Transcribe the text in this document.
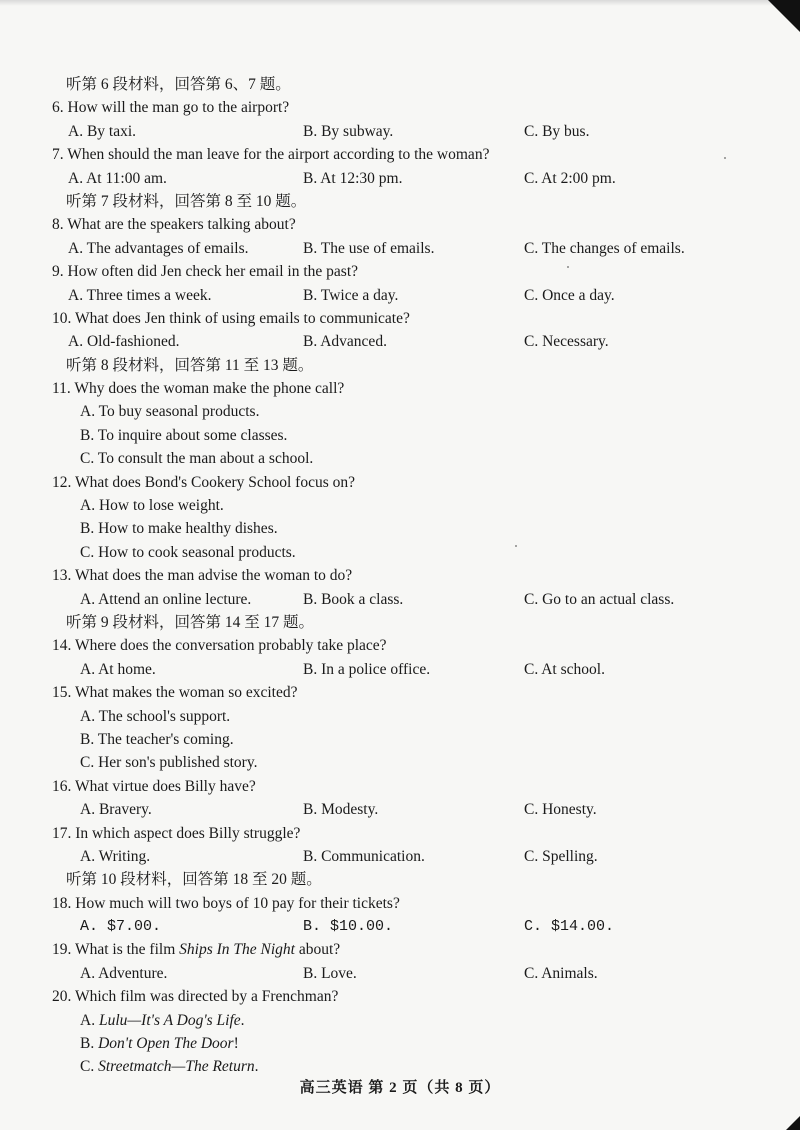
听第 6 段材料，回答第 6、7 题。
6. How will the man go to the airport?
A. By taxi.	B. By subway.	C. By bus.
7. When should the man leave for the airport according to the woman?
A. At 11:00 am.	B. At 12:30 pm.	C. At 2:00 pm.
听第 7 段材料，回答第 8 至 10 题。
8. What are the speakers talking about?
A. The advantages of emails.	B. The use of emails.	C. The changes of emails.
9. How often did Jen check her email in the past?
A. Three times a week.	B. Twice a day.	C. Once a day.
10. What does Jen think of using emails to communicate?
A. Old-fashioned.	B. Advanced.	C. Necessary.
听第 8 段材料，回答第 11 至 13 题。
11. Why does the woman make the phone call?
A. To buy seasonal products.
B. To inquire about some classes.
C. To consult the man about a school.
12. What does Bond's Cookery School focus on?
A. How to lose weight.
B. How to make healthy dishes.
C. How to cook seasonal products.
13. What does the man advise the woman to do?
A. Attend an online lecture.	B. Book a class.	C. Go to an actual class.
听第 9 段材料，回答第 14 至 17 题。
14. Where does the conversation probably take place?
A. At home.	B. In a police office.	C. At school.
15. What makes the woman so excited?
A. The school's support.
B. The teacher's coming.
C. Her son's published story.
16. What virtue does Billy have?
A. Bravery.	B. Modesty.	C. Honesty.
17. In which aspect does Billy struggle?
A. Writing.	B. Communication.	C. Spelling.
听第 10 段材料，回答第 18 至 20 题。
18. How much will two boys of 10 pay for their tickets?
A. $7.00.	B. $10.00.	C. $14.00.
19. What is the film Ships In The Night about?
A. Adventure.	B. Love.	C. Animals.
20. Which film was directed by a Frenchman?
A. Lulu—It's A Dog's Life.
B. Don't Open The Door!
C. Streetmatch—The Return.
高三英语 第 2 页（共 8 页）
